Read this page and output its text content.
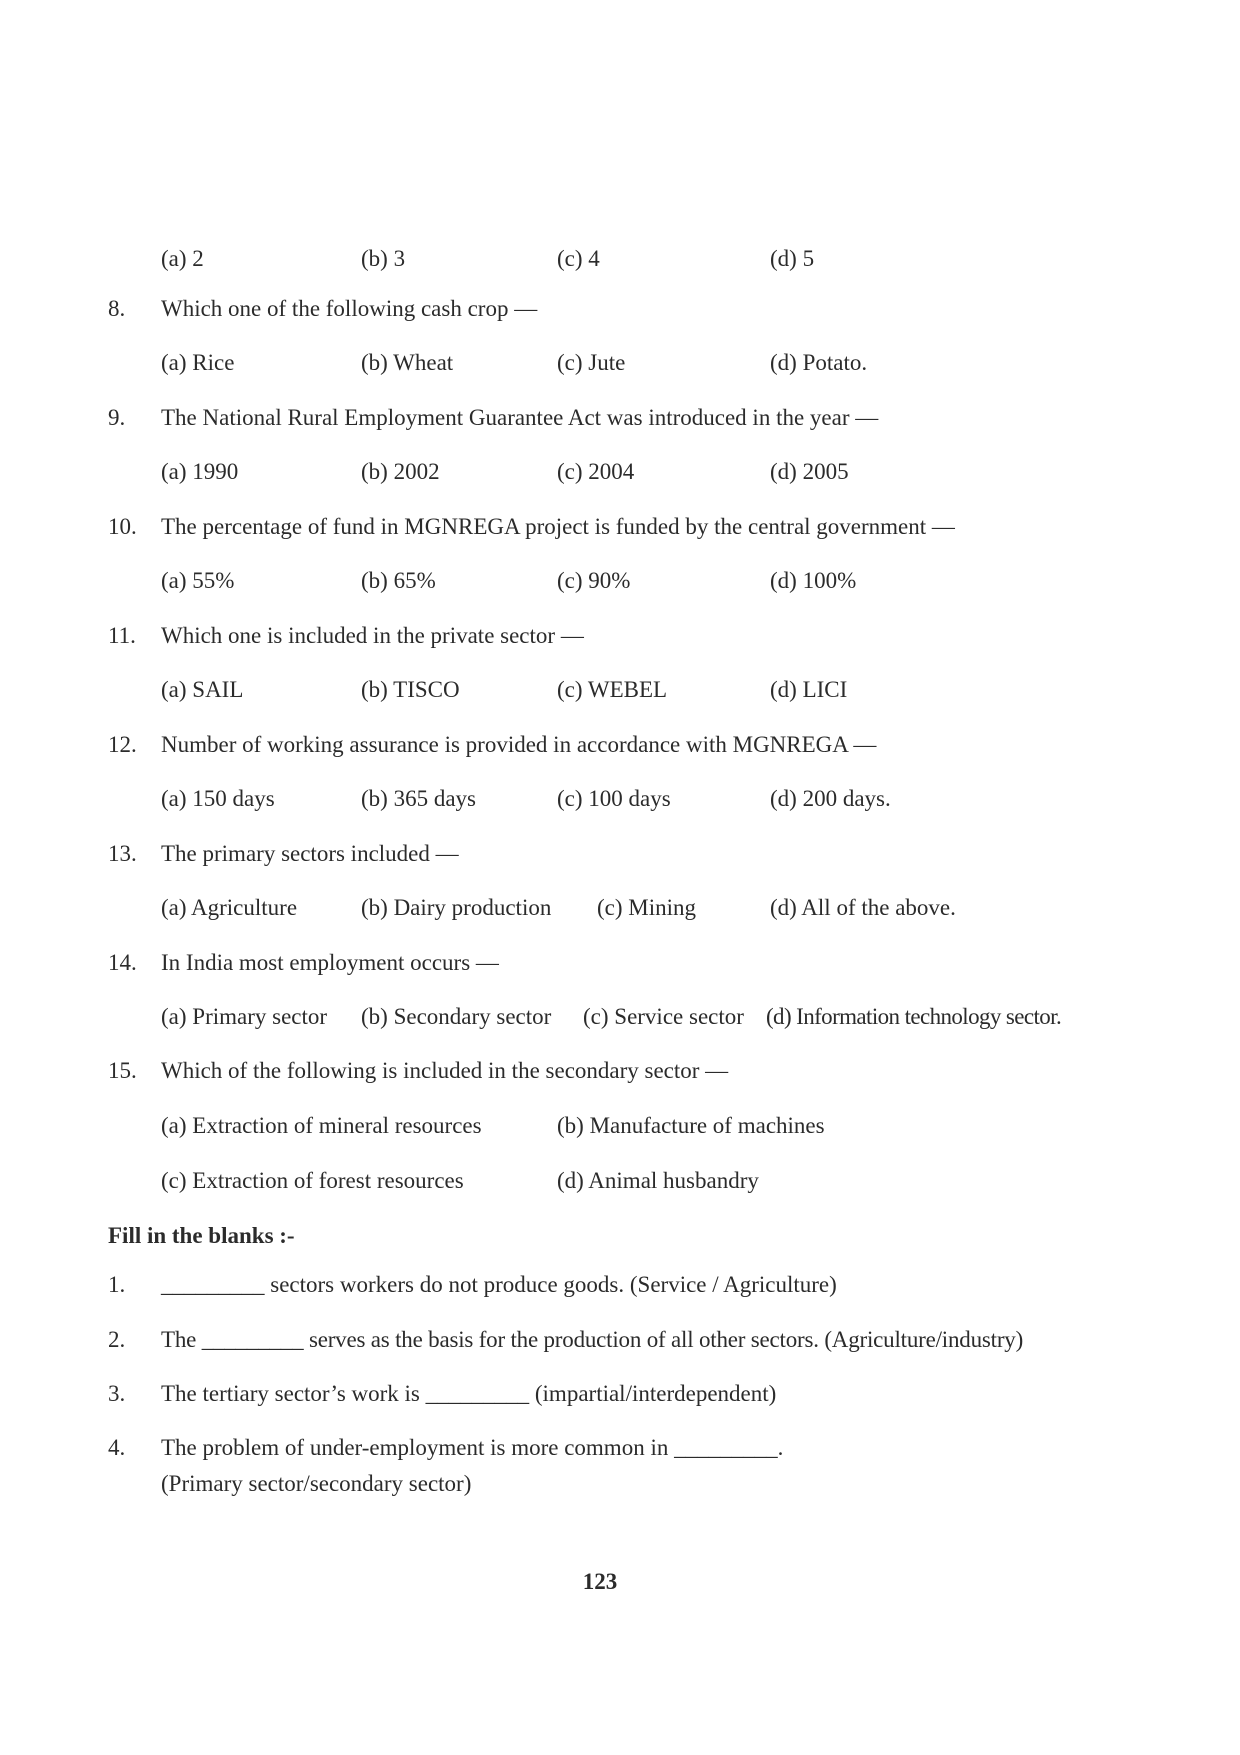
(a) 2	(b) 3	(c) 4	(d) 5
8. Which one of the following cash crop —
(a) Rice	(b) Wheat	(c) Jute	(d) Potato.
9. The National Rural Employment Guarantee Act was introduced in the year —
(a) 1990	(b) 2002	(c) 2004	(d) 2005
10. The percentage of fund in MGNREGA project is funded by the central government —
(a) 55%	(b) 65%	(c) 90%	(d) 100%
11. Which one is included in the private sector —
(a) SAIL	(b) TISCO	(c) WEBEL	(d) LICI
12. Number of working assurance is provided in accordance with MGNREGA —
(a) 150 days	(b) 365 days	(c) 100 days	(d) 200 days.
13. The primary sectors included —
(a) Agriculture	(b) Dairy production (c) Mining	(d) All of the above.
14. In India most employment occurs —
(a) Primary sector (b) Secondary sector (c) Service sector (d) Information technology sector.
15. Which of the following is included in the secondary sector —
(a) Extraction of mineral resources	(b) Manufacture of machines
(c) Extraction of forest resources	(d) Animal husbandry
Fill in the blanks :-
1. _________ sectors workers do not produce goods. (Service / Agriculture)
2. The _________ serves as the basis for the production of all other sectors. (Agriculture/industry)
3. The tertiary sector’s work is _________ (impartial/interdependent)
4. The problem of under-employment is more common in _________.
(Primary sector/secondary sector)
123
